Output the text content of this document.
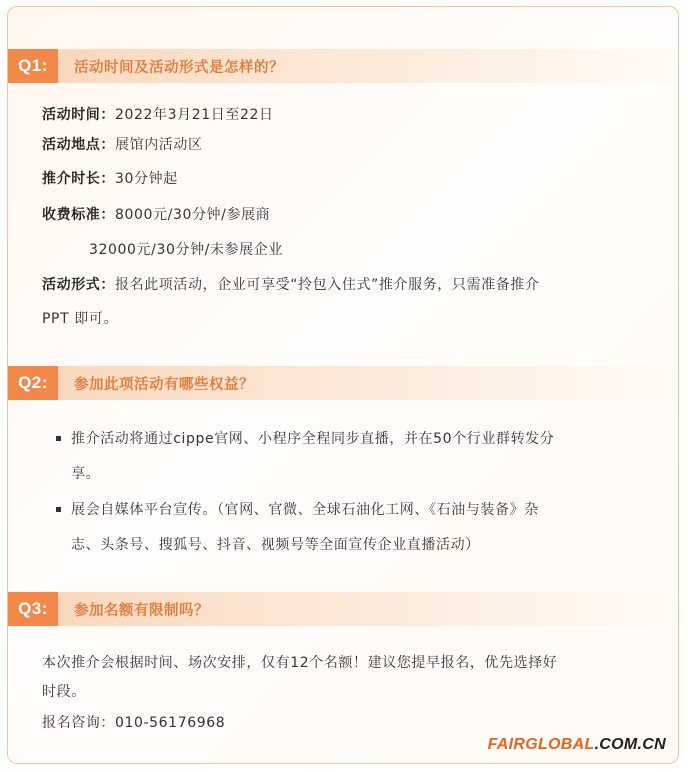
Q1:	活动时间及活动形式是怎样的？
活动时间：2022年3月21日至22日
活动地点：展馆内活动区
推介时长：30分钟起
收费标准：8000元/30分钟/参展商
32000元/30分钟/未参展企业
活动形式：报名此项活动，企业可享受“拎包入住式”推介服务，只需准备推介
PPT 即可。
Q2:	参加此项活动有哪些权益？
推介活动将通过cippe官网、小程序全程同步直播，并在50个行业群转发分
享。
展会自媒体平台宣传。（官网、官微、全球石油化工网、《石油与装备》杂
志、头条号、搜狐号、抖音、视频号等全面宣传企业直播活动）
Q3:	参加名额有限制吗？
本次推介会根据时间、场次安排，仅有12个名额！建议您提早报名，优先选择好
时段。
报名咨询：010-56176968
FAIRGLOBAL.COM.CN
